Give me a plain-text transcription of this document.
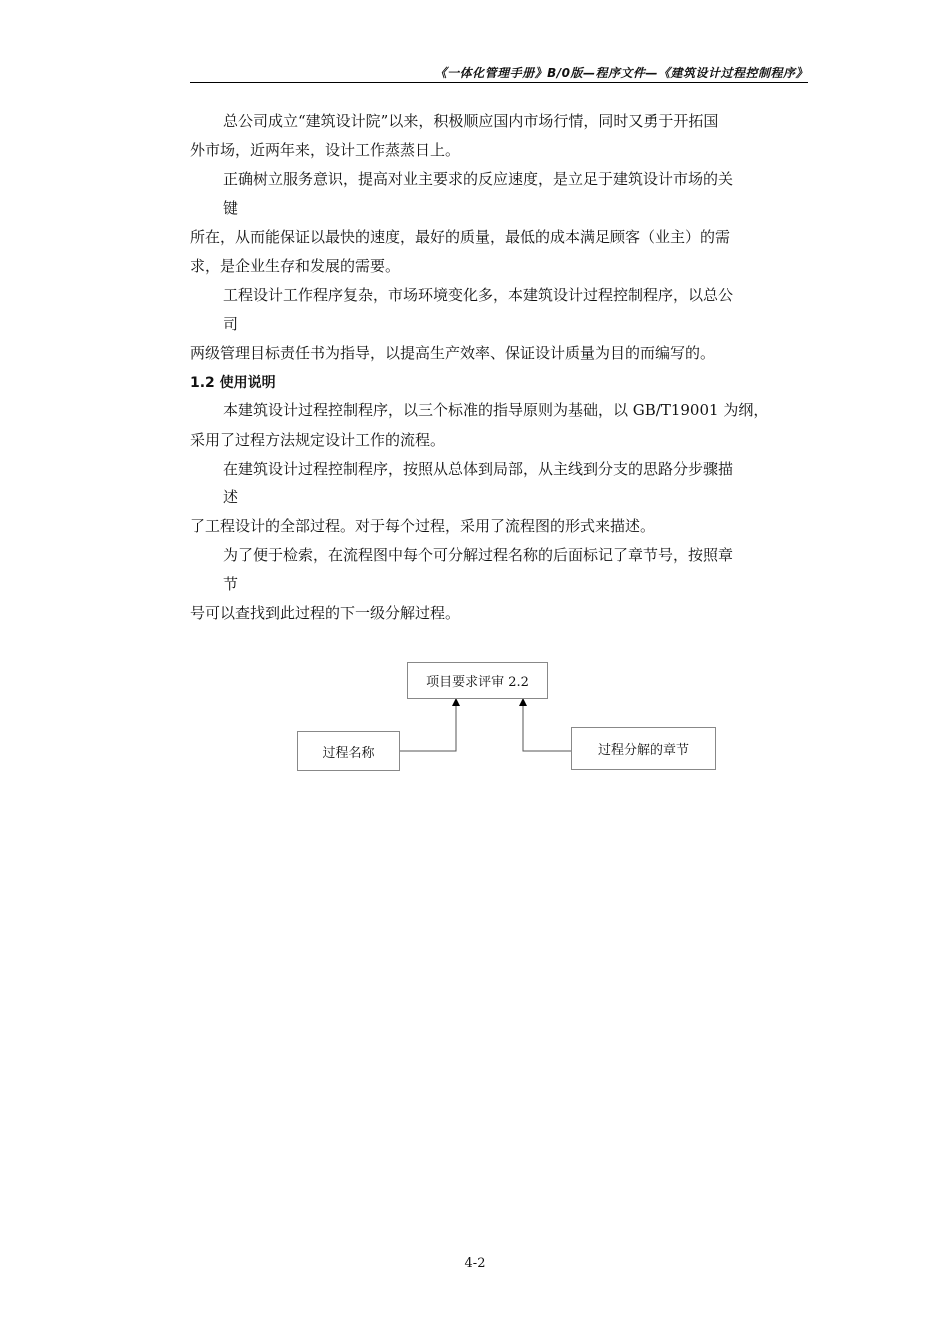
《一体化管理手册》B/0版—程序文件—《建筑设计过程控制程序》
总公司成立“建筑设计院”以来，积极顺应国内市场行情，同时又勇于开拓国
外市场，近两年来，设计工作蒸蒸日上。
正确树立服务意识，提高对业主要求的反应速度，是立足于建筑设计市场的关
键
所在，从而能保证以最快的速度，最好的质量，最低的成本满足顾客（业主）的需
求，是企业生存和发展的需要。
工程设计工作程序复杂，市场环境变化多，本建筑设计过程控制程序，以总公
司
两级管理目标责任书为指导，以提高生产效率、保证设计质量为目的而编写的。
1.2 使用说明
本建筑设计过程控制程序，以三个标准的指导原则为基础，以 GB/T19001 为纲，
采用了过程方法规定设计工作的流程。
在建筑设计过程控制程序，按照从总体到局部，从主线到分支的思路分步骤描
述
了工程设计的全部过程。对于每个过程，采用了流程图的形式来描述。
为了便于检索，在流程图中每个可分解过程名称的后面标记了章节号，按照章
节
号可以查找到此过程的下一级分解过程。
项目要求评审 2.2
过程名称	过程分解的章节
4-2
